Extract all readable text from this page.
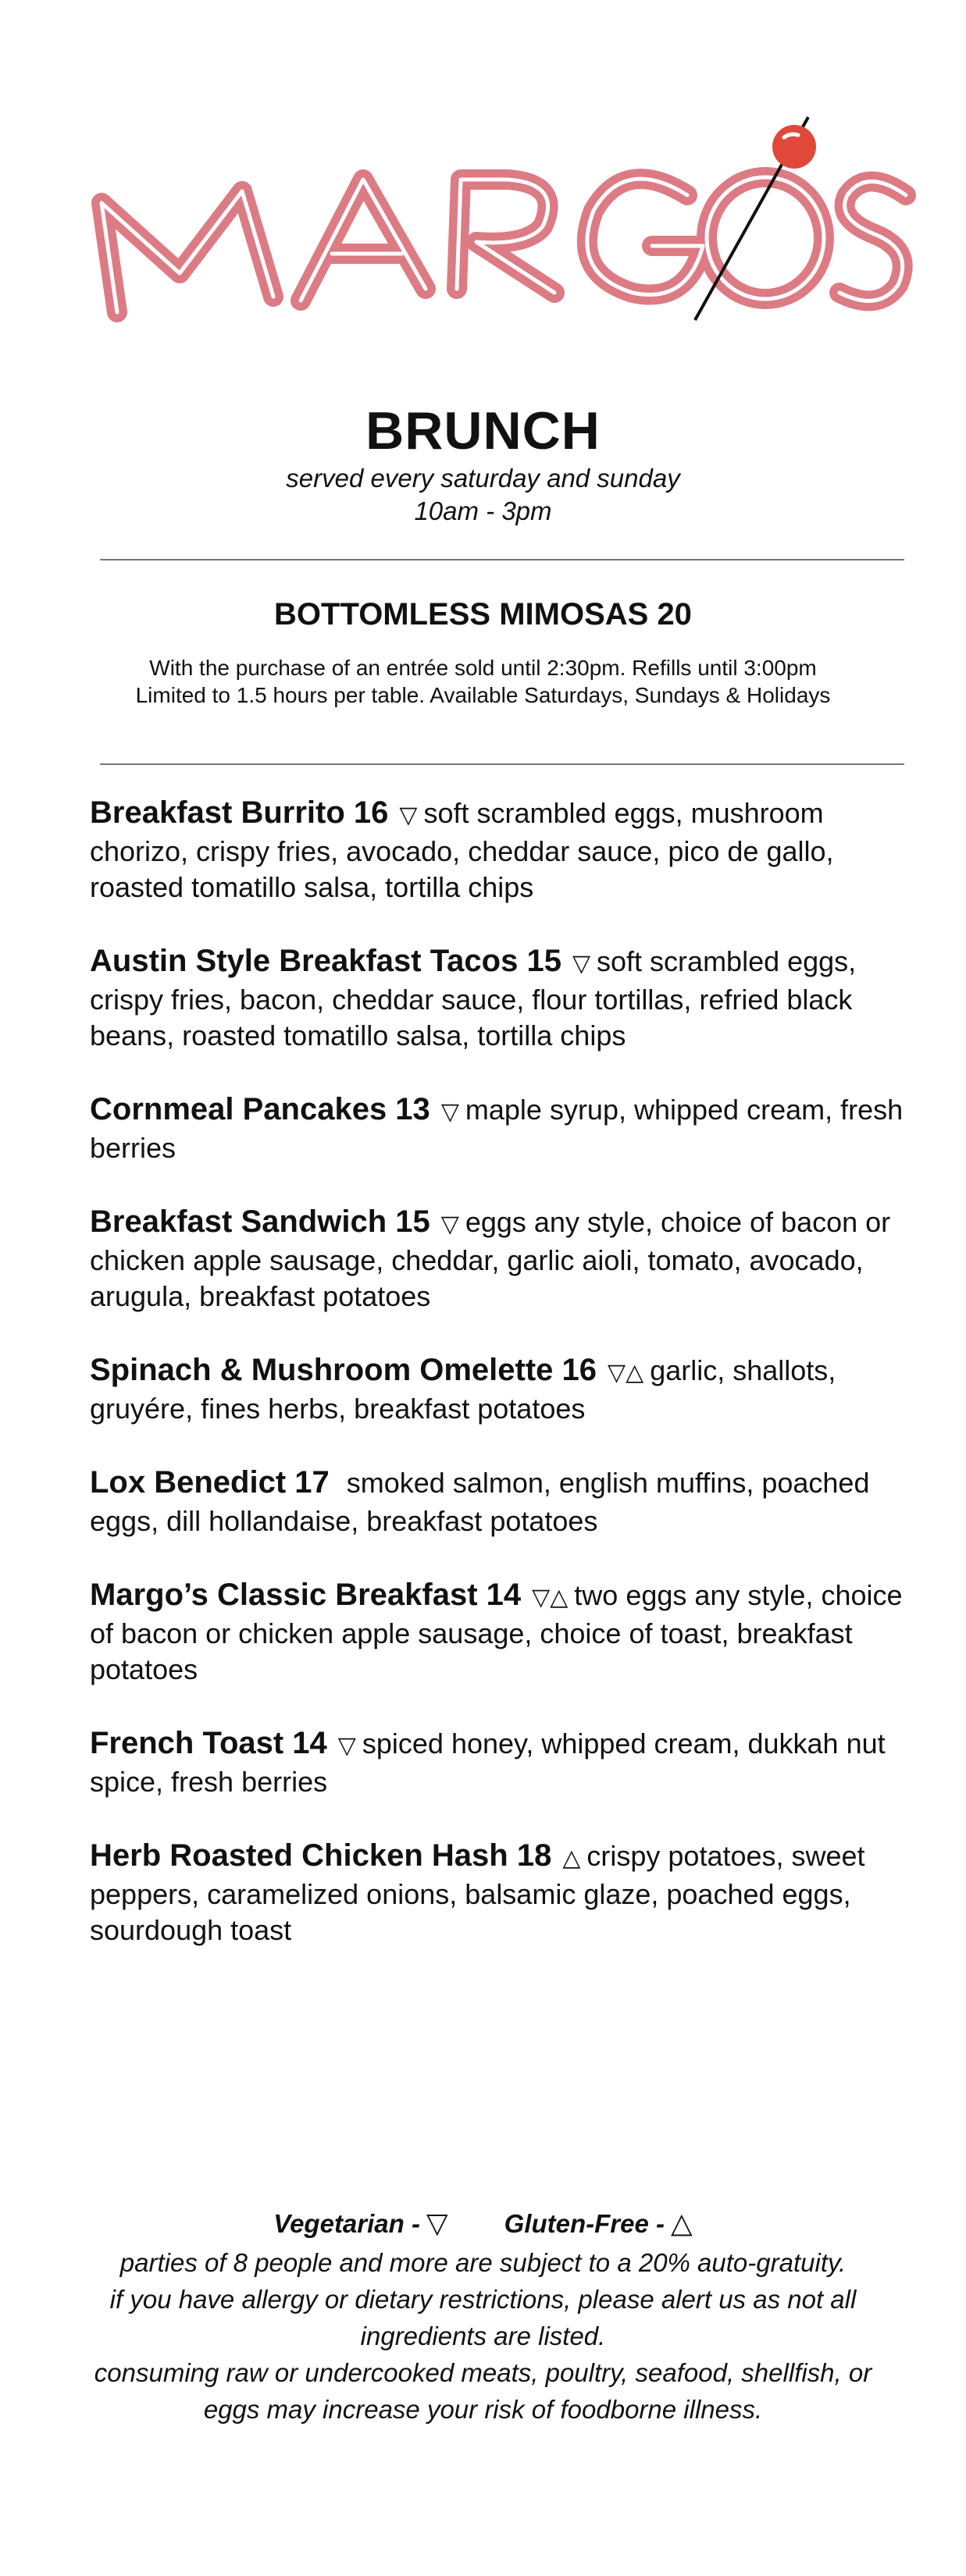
BRUNCH
served every saturday and sunday
10am - 3pm
BOTTOMLESS MIMOSAS 20
With the purchase of an entrée sold until 2:30pm. Refills until 3:00pm
Limited to 1.5 hours per table. Available Saturdays, Sundays & Holidays
Breakfast Burrito 16 ▽ soft scrambled eggs, mushroom chorizo, crispy fries, avocado, cheddar sauce, pico de gallo, roasted tomatillo salsa, tortilla chips
Austin Style Breakfast Tacos 15 ▽ soft scrambled eggs, crispy fries, bacon, cheddar sauce, flour tortillas, refried black beans, roasted tomatillo salsa, tortilla chips
Cornmeal Pancakes 13 ▽ maple syrup, whipped cream, fresh berries
Breakfast Sandwich 15 ▽ eggs any style, choice of bacon or chicken apple sausage, cheddar, garlic aioli, tomato, avocado, arugula, breakfast potatoes
Spinach & Mushroom Omelette 16 ▽△ garlic, shallots, gruyére, fines herbs, breakfast potatoes
Lox Benedict 17 smoked salmon, english muffins, poached eggs, dill hollandaise, breakfast potatoes
Margo’s Classic Breakfast 14 ▽△ two eggs any style, choice of bacon or chicken apple sausage, choice of toast, breakfast potatoes
French Toast 14 ▽ spiced honey, whipped cream, dukkah nut spice, fresh berries
Herb Roasted Chicken Hash 18 △ crispy potatoes, sweet peppers, caramelized onions, balsamic glaze, poached eggs, sourdough toast
Vegetarian - ▽ Gluten-Free - △
parties of 8 people and more are subject to a 20% auto-gratuity.
if you have allergy or dietary restrictions, please alert us as not all
ingredients are listed.
consuming raw or undercooked meats, poultry, seafood, shellfish, or
eggs may increase your risk of foodborne illness.
